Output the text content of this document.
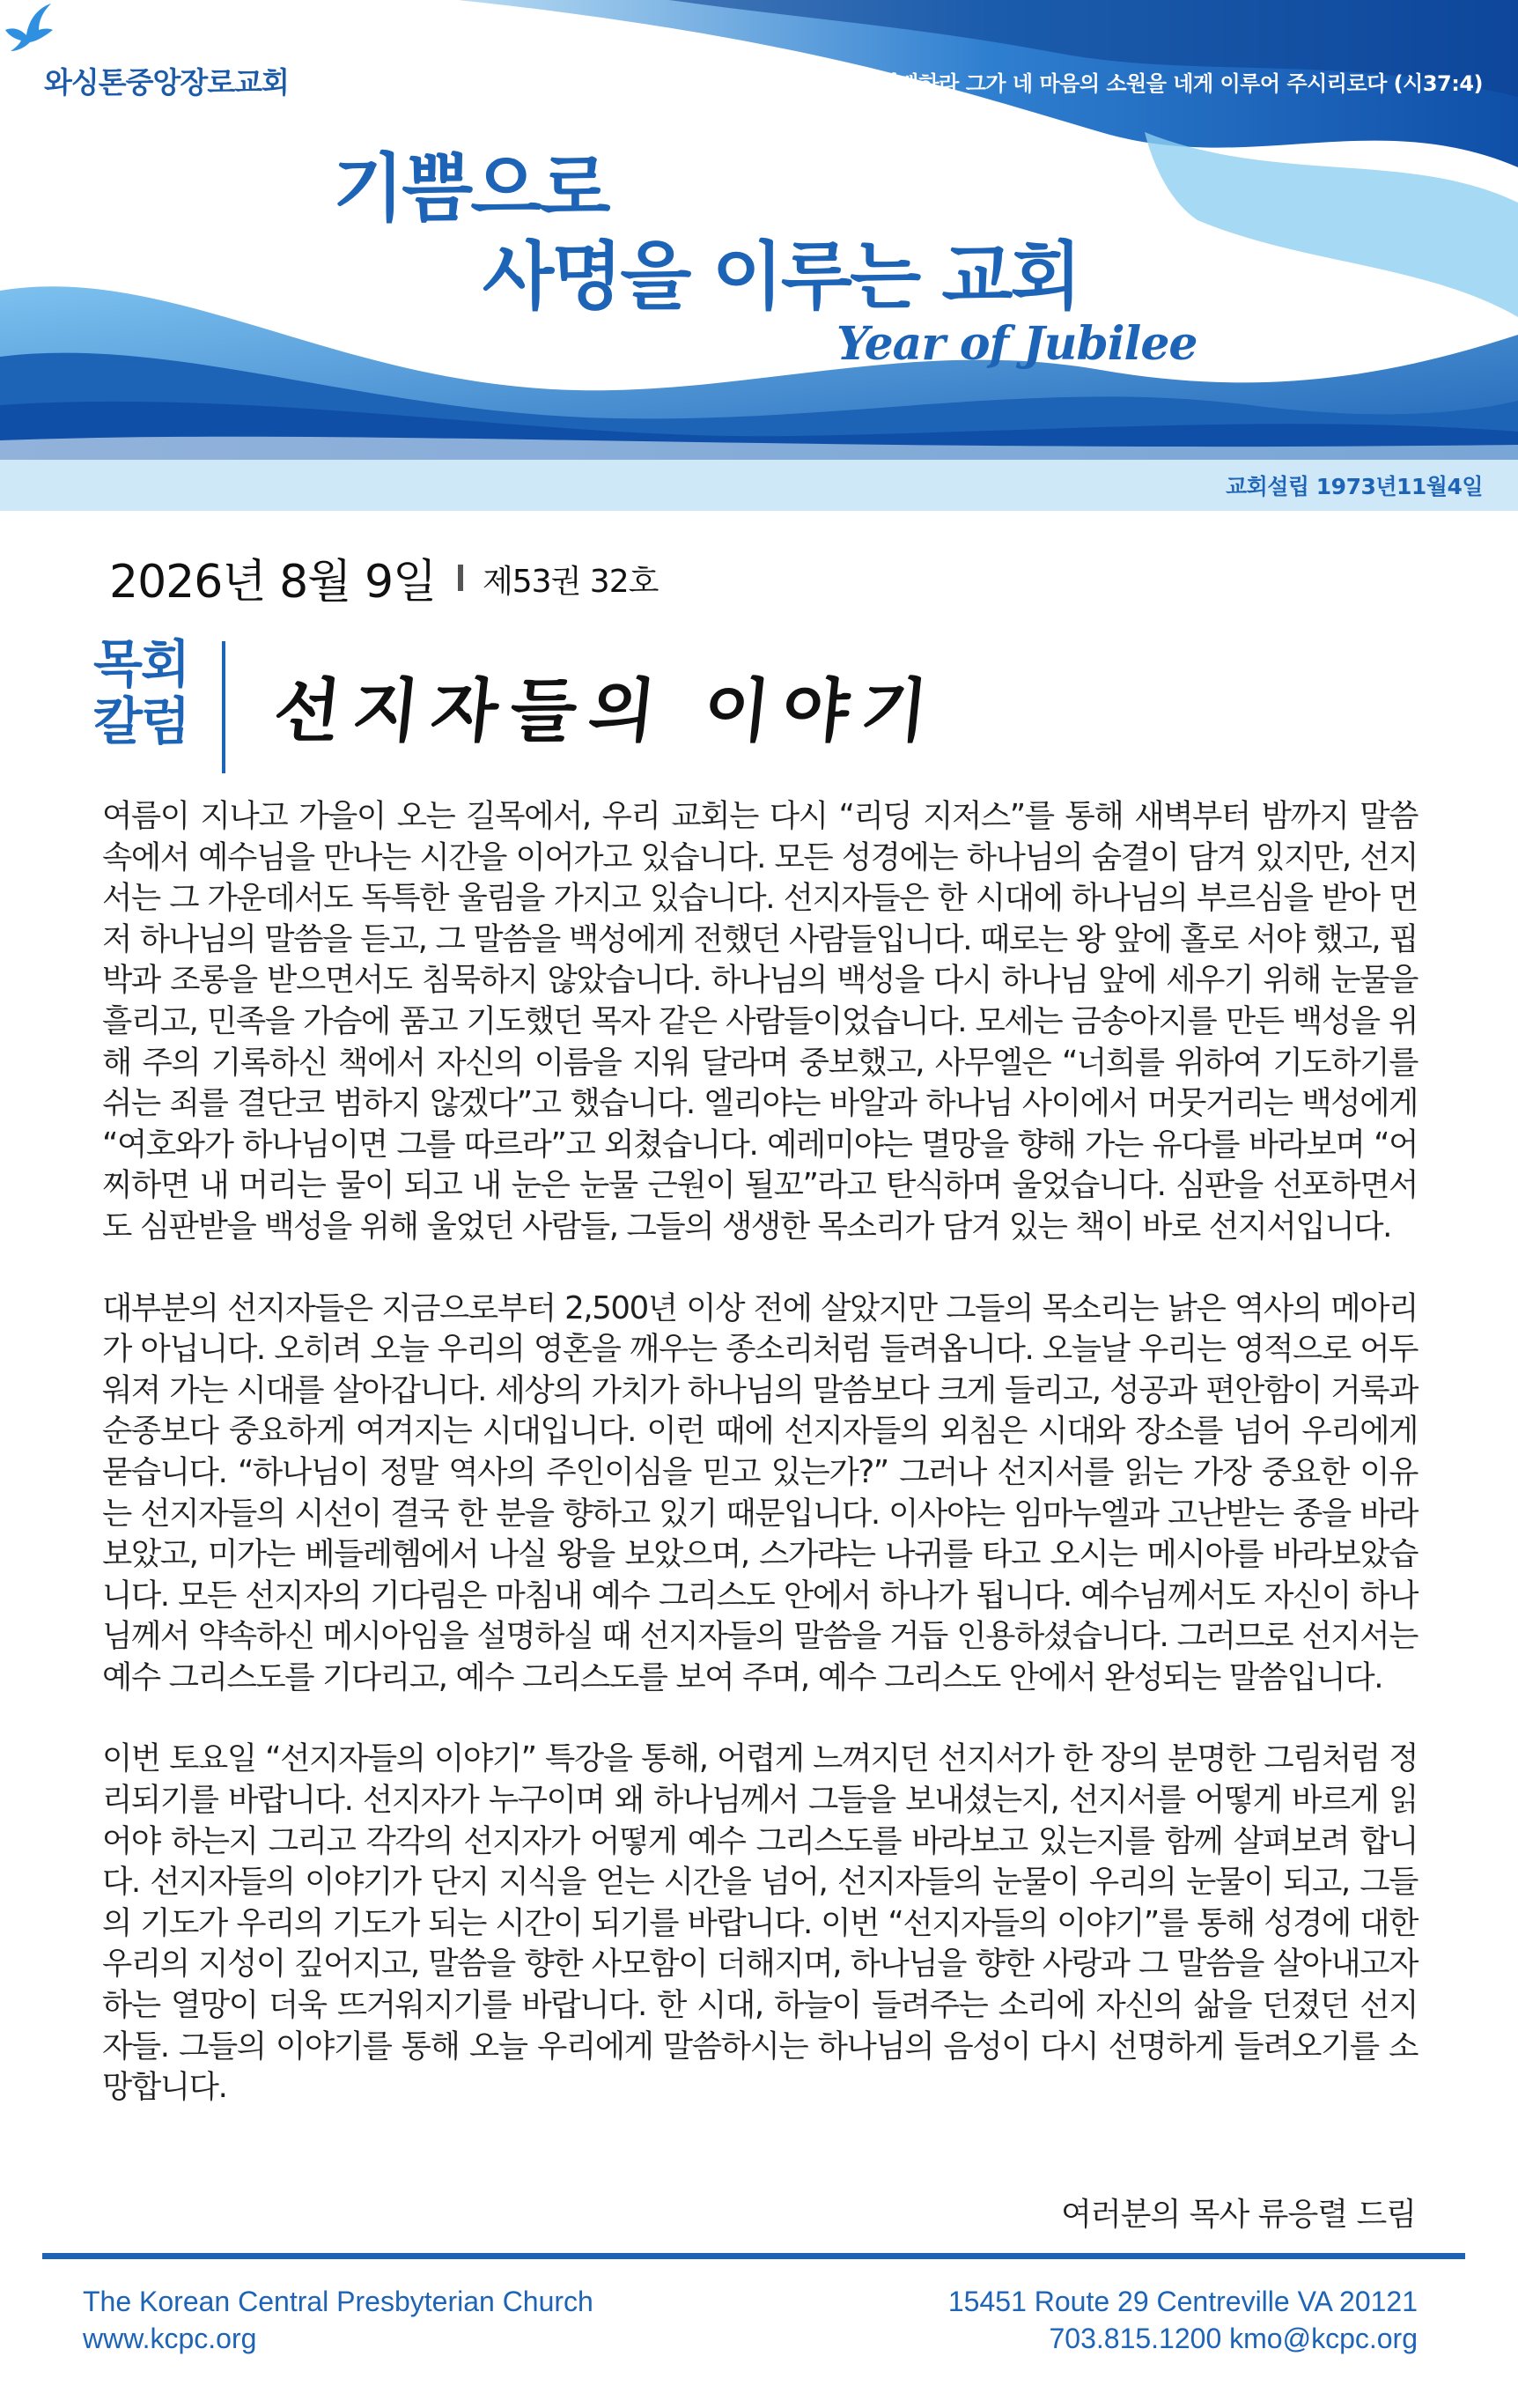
와싱톤중앙장로교회	또 여호와를 기뻐하라 그가 네 마음의 소원을 네게 이루어 주시리로다 (시37:4)
기쁨으로
사명을 이루는 교회
Year of Jubilee
교회설립 1973년11월4일
2026년 8월 9일 제53권 32호
목회
칼럼 선지자들의 이야기

여름이 지나고 가을이 오는 길목에서, 우리 교회는 다시 “리딩 지저스”를 통해 새벽부터 밤까지 말씀 속에서 예수님을 만나는 시간을 이어가고 있습니다. 모든 성경에는 하나님의 숨결이 담겨 있지만, 선지서는 그 가운데서도 독특한 울림을 가지고 있습니다. 선지자들은 한 시대에 하나님의 부르심을 받아 먼저 하나님의 말씀을 듣고, 그 말씀을 백성에게 전했던 사람들입니다. 때로는 왕 앞에 홀로 서야 했고, 핍박과 조롱을 받으면서도 침묵하지 않았습니다. 하나님의 백성을 다시 하나님 앞에 세우기 위해 눈물을 흘리고, 민족을 가슴에 품고 기도했던 목자 같은 사람들이었습니다. 모세는 금송아지를 만든 백성을 위해 주의 기록하신 책에서 자신의 이름을 지워 달라며 중보했고, 사무엘은 “너희를 위하여 기도하기를 쉬는 죄를 결단코 범하지 않겠다”고 했습니다. 엘리야는 바알과 하나님 사이에서 머뭇거리는 백성에게 “여호와가 하나님이면 그를 따르라”고 외쳤습니다. 예레미야는 멸망을 향해 가는 유다를 바라보며 “어찌하면 내 머리는 물이 되고 내 눈은 눈물 근원이 될꼬”라고 탄식하며 울었습니다. 심판을 선포하면서도 심판받을 백성을 위해 울었던 사람들, 그들의 생생한 목소리가 담겨 있는 책이 바로 선지서입니다.

대부분의 선지자들은 지금으로부터 2,500년 이상 전에 살았지만 그들의 목소리는 낡은 역사의 메아리가 아닙니다. 오히려 오늘 우리의 영혼을 깨우는 종소리처럼 들려옵니다. 오늘날 우리는 영적으로 어두워져 가는 시대를 살아갑니다. 세상의 가치가 하나님의 말씀보다 크게 들리고, 성공과 편안함이 거룩과 순종보다 중요하게 여겨지는 시대입니다. 이런 때에 선지자들의 외침은 시대와 장소를 넘어 우리에게 묻습니다. “하나님이 정말 역사의 주인이심을 믿고 있는가?” 그러나 선지서를 읽는 가장 중요한 이유는 선지자들의 시선이 결국 한 분을 향하고 있기 때문입니다. 이사야는 임마누엘과 고난받는 종을 바라보았고, 미가는 베들레헴에서 나실 왕을 보았으며, 스가랴는 나귀를 타고 오시는 메시아를 바라보았습니다. 모든 선지자의 기다림은 마침내 예수 그리스도 안에서 하나가 됩니다. 예수님께서도 자신이 하나님께서 약속하신 메시아임을 설명하실 때 선지자들의 말씀을 거듭 인용하셨습니다. 그러므로 선지서는 예수 그리스도를 기다리고, 예수 그리스도를 보여 주며, 예수 그리스도 안에서 완성되는 말씀입니다.

이번 토요일 “선지자들의 이야기” 특강을 통해, 어렵게 느껴지던 선지서가 한 장의 분명한 그림처럼 정리되기를 바랍니다. 선지자가 누구이며 왜 하나님께서 그들을 보내셨는지, 선지서를 어떻게 바르게 읽어야 하는지 그리고 각각의 선지자가 어떻게 예수 그리스도를 바라보고 있는지를 함께 살펴보려 합니다. 선지자들의 이야기가 단지 지식을 얻는 시간을 넘어, 선지자들의 눈물이 우리의 눈물이 되고, 그들의 기도가 우리의 기도가 되는 시간이 되기를 바랍니다. 이번 “선지자들의 이야기”를 통해 성경에 대한 우리의 지성이 깊어지고, 말씀을 향한 사모함이 더해지며, 하나님을 향한 사랑과 그 말씀을 살아내고자 하는 열망이 더욱 뜨거워지기를 바랍니다. 한 시대, 하늘이 들려주는 소리에 자신의 삶을 던졌던 선지자들. 그들의 이야기를 통해 오늘 우리에게 말씀하시는 하나님의 음성이 다시 선명하게 들려오기를 소망합니다.

여러분의 목사 류응렬 드림
The Korean Central Presbyterian Church
www.kcpc.org
15451 Route 29 Centreville VA 20121
703.815.1200 kmo@kcpc.org
